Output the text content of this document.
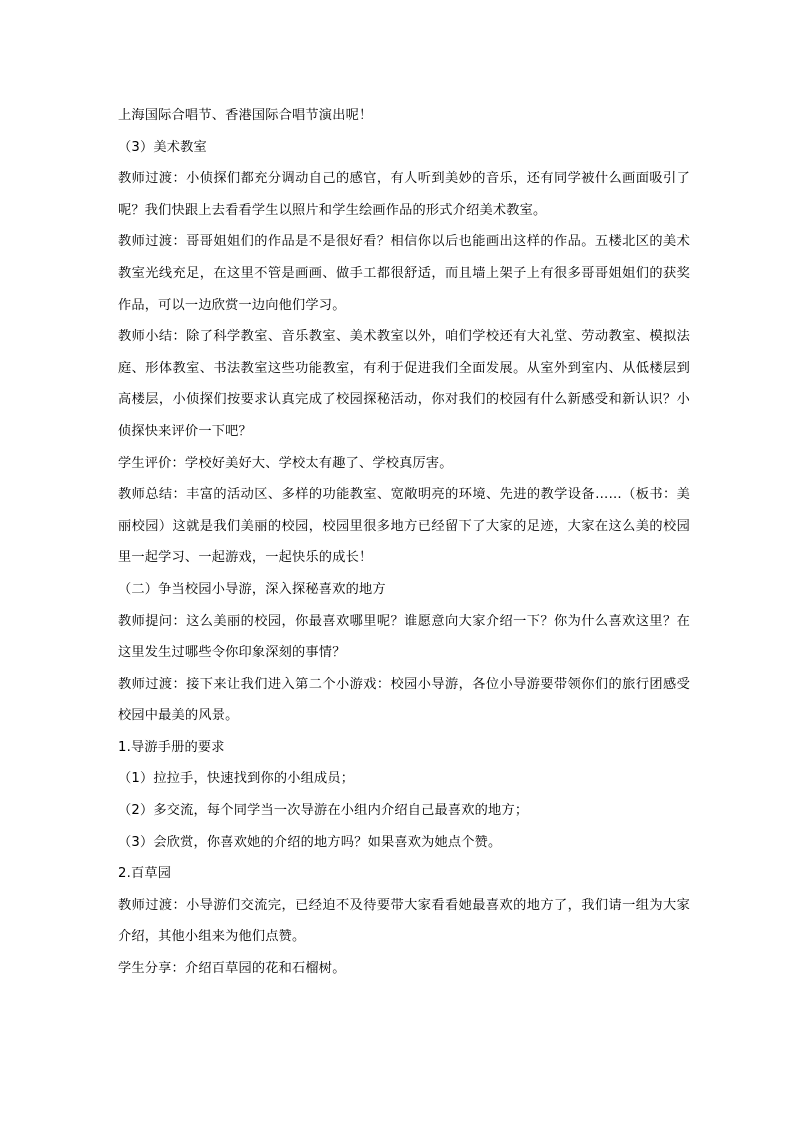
上海国际合唱节、香港国际合唱节演出呢！

（3）美术教室

教师过渡：小侦探们都充分调动自己的感官，有人听到美妙的音乐，还有同学被什么画面吸引了呢？我们快跟上去看看学生以照片和学生绘画作品的形式介绍美术教室。

教师过渡：哥哥姐姐们的作品是不是很好看？相信你以后也能画出这样的作品。五楼北区的美术教室光线充足，在这里不管是画画、做手工都很舒适，而且墙上架子上有很多哥哥姐姐们的获奖作品，可以一边欣赏一边向他们学习。

教师小结：除了科学教室、音乐教室、美术教室以外，咱们学校还有大礼堂、劳动教室、模拟法庭、形体教室、书法教室这些功能教室，有利于促进我们全面发展。从室外到室内、从低楼层到高楼层，小侦探们按要求认真完成了校园探秘活动，你对我们的校园有什么新感受和新认识？小侦探快来评价一下吧？

学生评价：学校好美好大、学校太有趣了、学校真厉害。

教师总结：丰富的活动区、多样的功能教室、宽敞明亮的环境、先进的教学设备……（板书：美丽校园）这就是我们美丽的校园，校园里很多地方已经留下了大家的足迹，大家在这么美的校园里一起学习、一起游戏，一起快乐的成长！

（二）争当校园小导游，深入探秘喜欢的地方

教师提问：这么美丽的校园，你最喜欢哪里呢？谁愿意向大家介绍一下？你为什么喜欢这里？在这里发生过哪些令你印象深刻的事情？

教师过渡：接下来让我们进入第二个小游戏：校园小导游，各位小导游要带领你们的旅行团感受校园中最美的风景。

1.导游手册的要求

（1）拉拉手，快速找到你的小组成员；

（2）多交流，每个同学当一次导游在小组内介绍自己最喜欢的地方；

（3）会欣赏，你喜欢她的介绍的地方吗？如果喜欢为她点个赞。

2.百草园

教师过渡：小导游们交流完，已经迫不及待要带大家看看她最喜欢的地方了，我们请一组为大家介绍，其他小组来为他们点赞。

学生分享：介绍百草园的花和石榴树。
